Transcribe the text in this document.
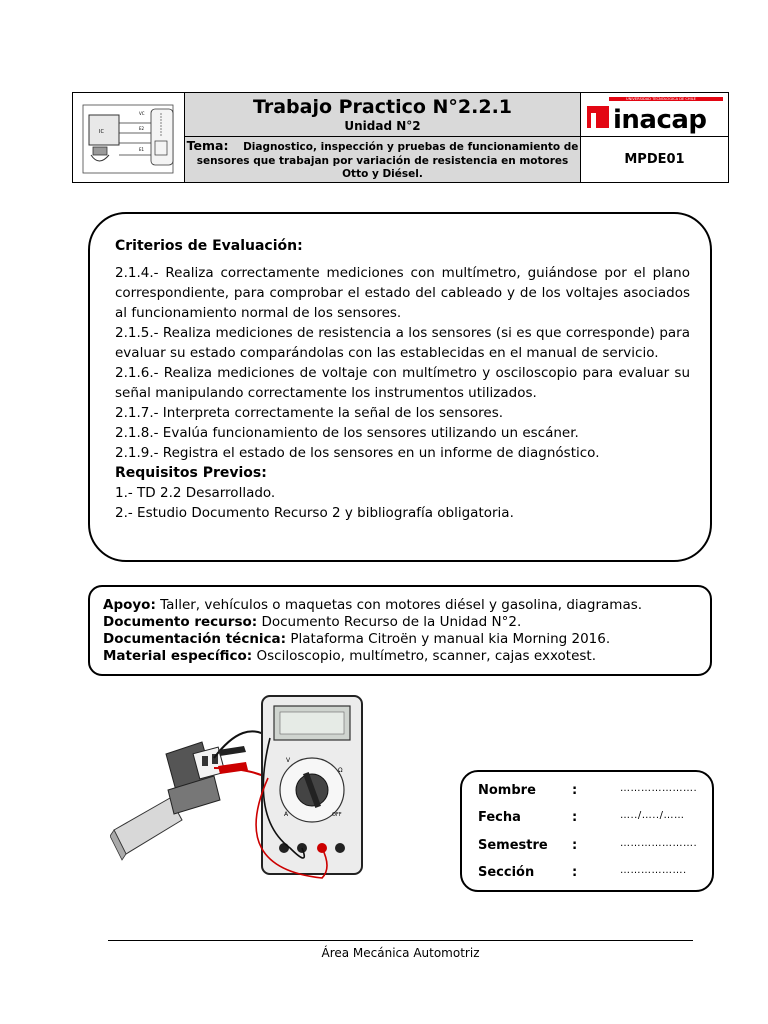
IC
VC
E2
E1
Trabajo Practico N°2.2.1
Unidad N°2
Tema: Diagnostico, inspección y pruebas de funcionamiento de sensores que trabajan por variación de resistencia en motores Otto y Diésel.
UNIVERSIDAD TECNOLÓGICA DE CHILE
inacap
MPDE01
Criterios de Evaluación:
2.1.4.- Realiza correctamente mediciones con multímetro, guiándose por el plano correspondiente, para comprobar el estado del cableado y de los voltajes asociados al funcionamiento normal de los sensores.
2.1.5.- Realiza mediciones de resistencia a los sensores (si es que corresponde) para evaluar su estado comparándolas con las establecidas en el manual de servicio.
2.1.6.- Realiza mediciones de voltaje con multímetro y osciloscopio para evaluar su señal manipulando correctamente los instrumentos utilizados.
2.1.7.- Interpreta correctamente la señal de los sensores.
2.1.8.- Evalúa funcionamiento de los sensores utilizando un escáner.
2.1.9.- Registra el estado de los sensores en un informe de diagnóstico.
Requisitos Previos:
1.- TD 2.2 Desarrollado.
2.- Estudio Documento Recurso 2 y bibliografía obligatoria.
Apoyo: Taller, vehículos o maquetas con motores diésel y gasolina, diagramas.
Documento recurso: Documento Recurso de la Unidad N°2.
Documentación técnica: Plataforma Citroën y manual kia Morning 2016.
Material específico: Osciloscopio, multímetro, scanner, cajas exxotest.
V
Ω
A	OFF
Nombre	:	………………….
Fecha	:	…../…../……
Semestre :	………………….
Sección	:	……………….
Área Mecánica Automotriz
